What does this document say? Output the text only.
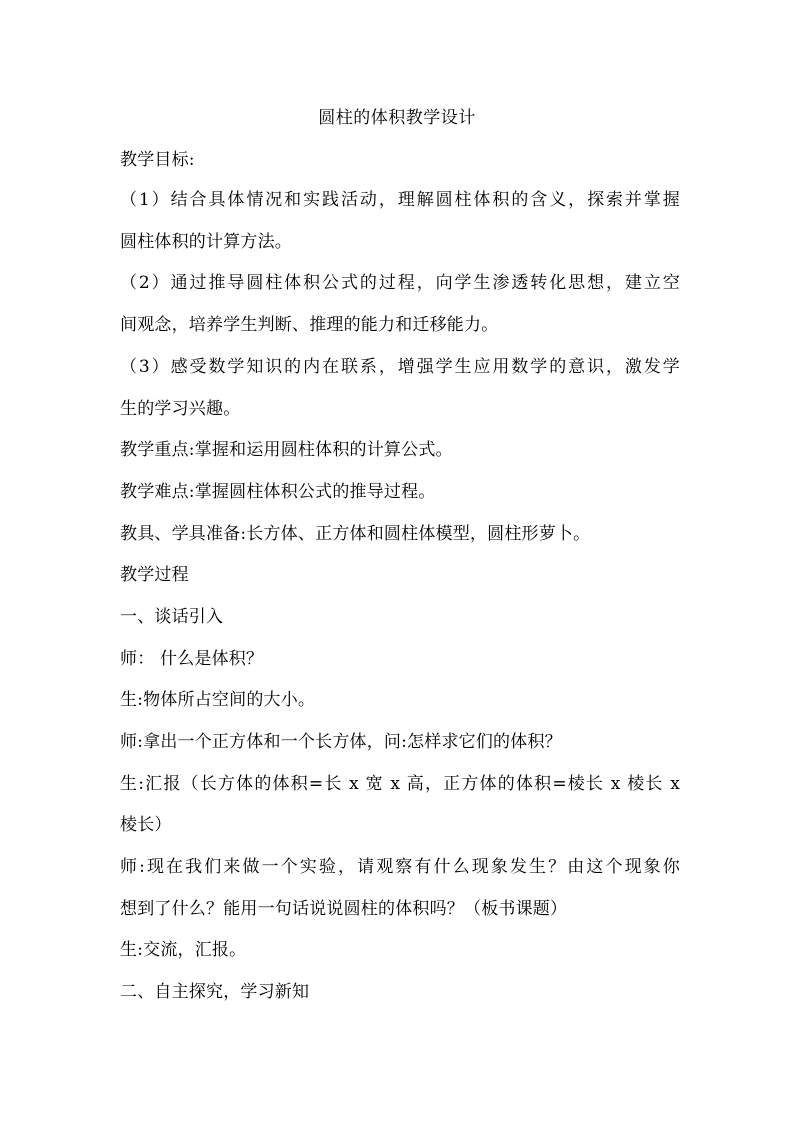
圆柱的体积教学设计
教学目标:
（1）结合具体情况和实践活动，理解圆柱体积的含义，探索并掌握
圆柱体积的计算方法。
（2）通过推导圆柱体积公式的过程，向学生渗透转化思想，建立空
间观念，培养学生判断、推理的能力和迁移能力。
（3）感受数学知识的内在联系，增强学生应用数学的意识，激发学
生的学习兴趣。
教学重点:掌握和运用圆柱体积的计算公式。
教学难点:掌握圆柱体积公式的推导过程。
教具、学具准备:长方体、正方体和圆柱体模型，圆柱形萝卜。
教学过程
一、谈话引入
师： 什么是体积？
生:物体所占空间的大小。
师:拿出一个正方体和一个长方体，问:怎样求它们的体积？
生:汇报（长方体的体积=长 x 宽 x 高，正方体的体积=棱长 x 棱长 x
棱长）
师:现在我们来做一个实验，请观察有什么现象发生？由这个现象你
想到了什么？能用一句话说说圆柱的体积吗？（板书课题）
生:交流，汇报。
二、自主探究，学习新知
